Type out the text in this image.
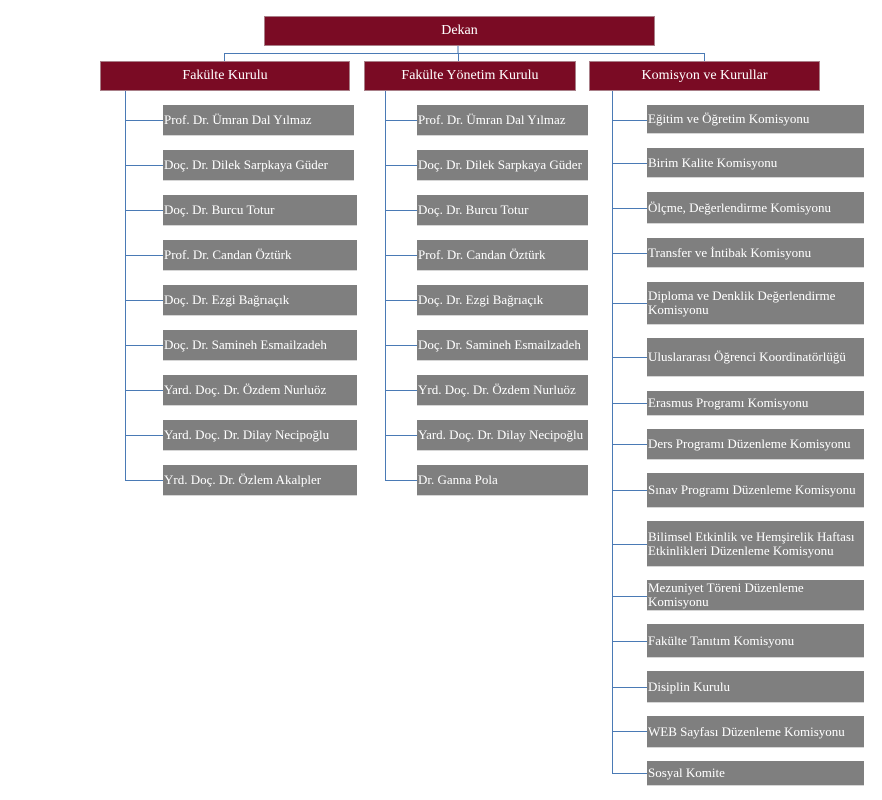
Dekan
Fakülte Kurulu	Fakülte Yönetim Kurulu	Komisyon ve Kurullar
Prof. Dr. Ümran Dal Yılmaz
Doç. Dr. Dilek Sarpkaya Güder
Doç. Dr. Burcu Totur
Prof. Dr. Candan Öztürk
Doç. Dr. Ezgi Bağrıaçık
Doç. Dr. Samineh Esmailzadeh
Yard. Doç. Dr. Özdem Nurluöz
Yard. Doç. Dr. Dilay Necipoğlu
Yrd. Doç. Dr. Özlem Akalpler
Prof. Dr. Ümran Dal Yılmaz
Doç. Dr. Dilek Sarpkaya Güder
Doç. Dr. Burcu Totur
Prof. Dr. Candan Öztürk
Doç. Dr. Ezgi Bağrıaçık
Doç. Dr. Samineh Esmailzadeh
Yrd. Doç. Dr. Özdem Nurluöz
Yard. Doç. Dr. Dilay Necipoğlu
Dr. Ganna Pola
Eğitim ve Öğretim Komisyonu
Birim Kalite Komisyonu
Ölçme, Değerlendirme Komisyonu
Transfer ve İntibak Komisyonu
Diploma ve Denklik Değerlendirme Komisyonu
Uluslararası Öğrenci Koordinatörlüğü
Erasmus Programı Komisyonu
Ders Programı Düzenleme Komisyonu
Sınav Programı Düzenleme Komisyonu
Bilimsel Etkinlik ve Hemşirelik Haftası Etkinlikleri Düzenleme Komisyonu
Mezuniyet Töreni Düzenleme Komisyonu
Fakülte Tanıtım Komisyonu
Disiplin Kurulu
WEB Sayfası Düzenleme Komisyonu
Sosyal Komite
